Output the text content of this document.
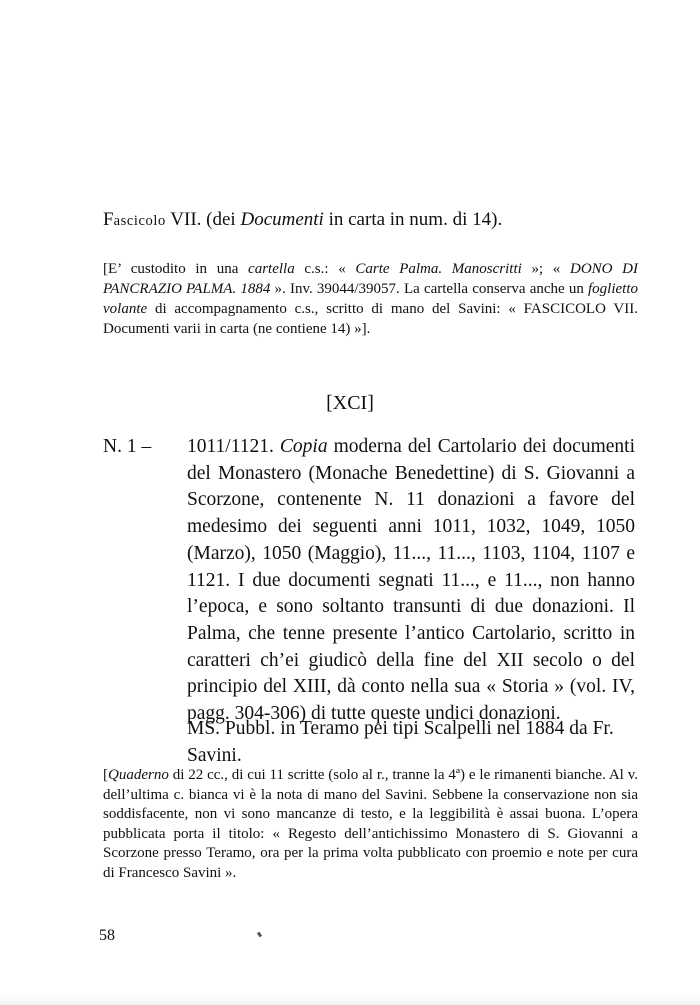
Fascicolo VII. (dei Documenti in carta in num. di 14).
[E’ custodito in una cartella c.s.: « Carte Palma. Manoscritti »; « DONO DI PANCRAZIO PALMA. 1884 ». Inv. 39044/39057. La cartella conserva anche un foglietto volante di accompagnamento c.s., scritto di mano del Savini: « FASCICOLO VII. Documenti varii in carta (ne contiene 14) »].
[XCI]
N. 1 – 1011/1121. Copia moderna del Cartolario dei documenti del Monastero (Monache Benedettine) di S. Giovanni a Scorzone, contenente N. 11 donazioni a favore del medesimo dei seguenti anni 1011, 1032, 1049, 1050 (Marzo), 1050 (Maggio), 11..., 11..., 1103, 1104, 1107 e 1121. I due documenti segnati 11..., e 11..., non hanno l’epoca, e sono soltanto transunti di due donazioni. Il Palma, che tenne presente l’antico Cartolario, scritto in caratteri ch’ei giudicò della fine del XII secolo o del principio del XIII, dà conto nella sua « Storia » (vol. IV, pagg. 304-306) di tutte queste undici donazioni.
MS. Pubbl. in Teramo pei tipi Scalpelli nel 1884 da Fr. Savini.
[Quaderno di 22 cc., di cui 11 scritte (solo al r., tranne la 4ª) e le rimanenti bianche. Al v. dell’ultima c. bianca vi è la nota di mano del Savini. Sebbene la conservazione non sia soddisfacente, non vi sono mancanze di testo, e la leggibilità è assai buona. L’opera pubblicata porta il titolo: « Regesto dell’antichissimo Monastero di S. Giovanni a Scorzone presso Teramo, ora per la prima volta pubblicato con proemio e note per cura di Francesco Savini ».
58
